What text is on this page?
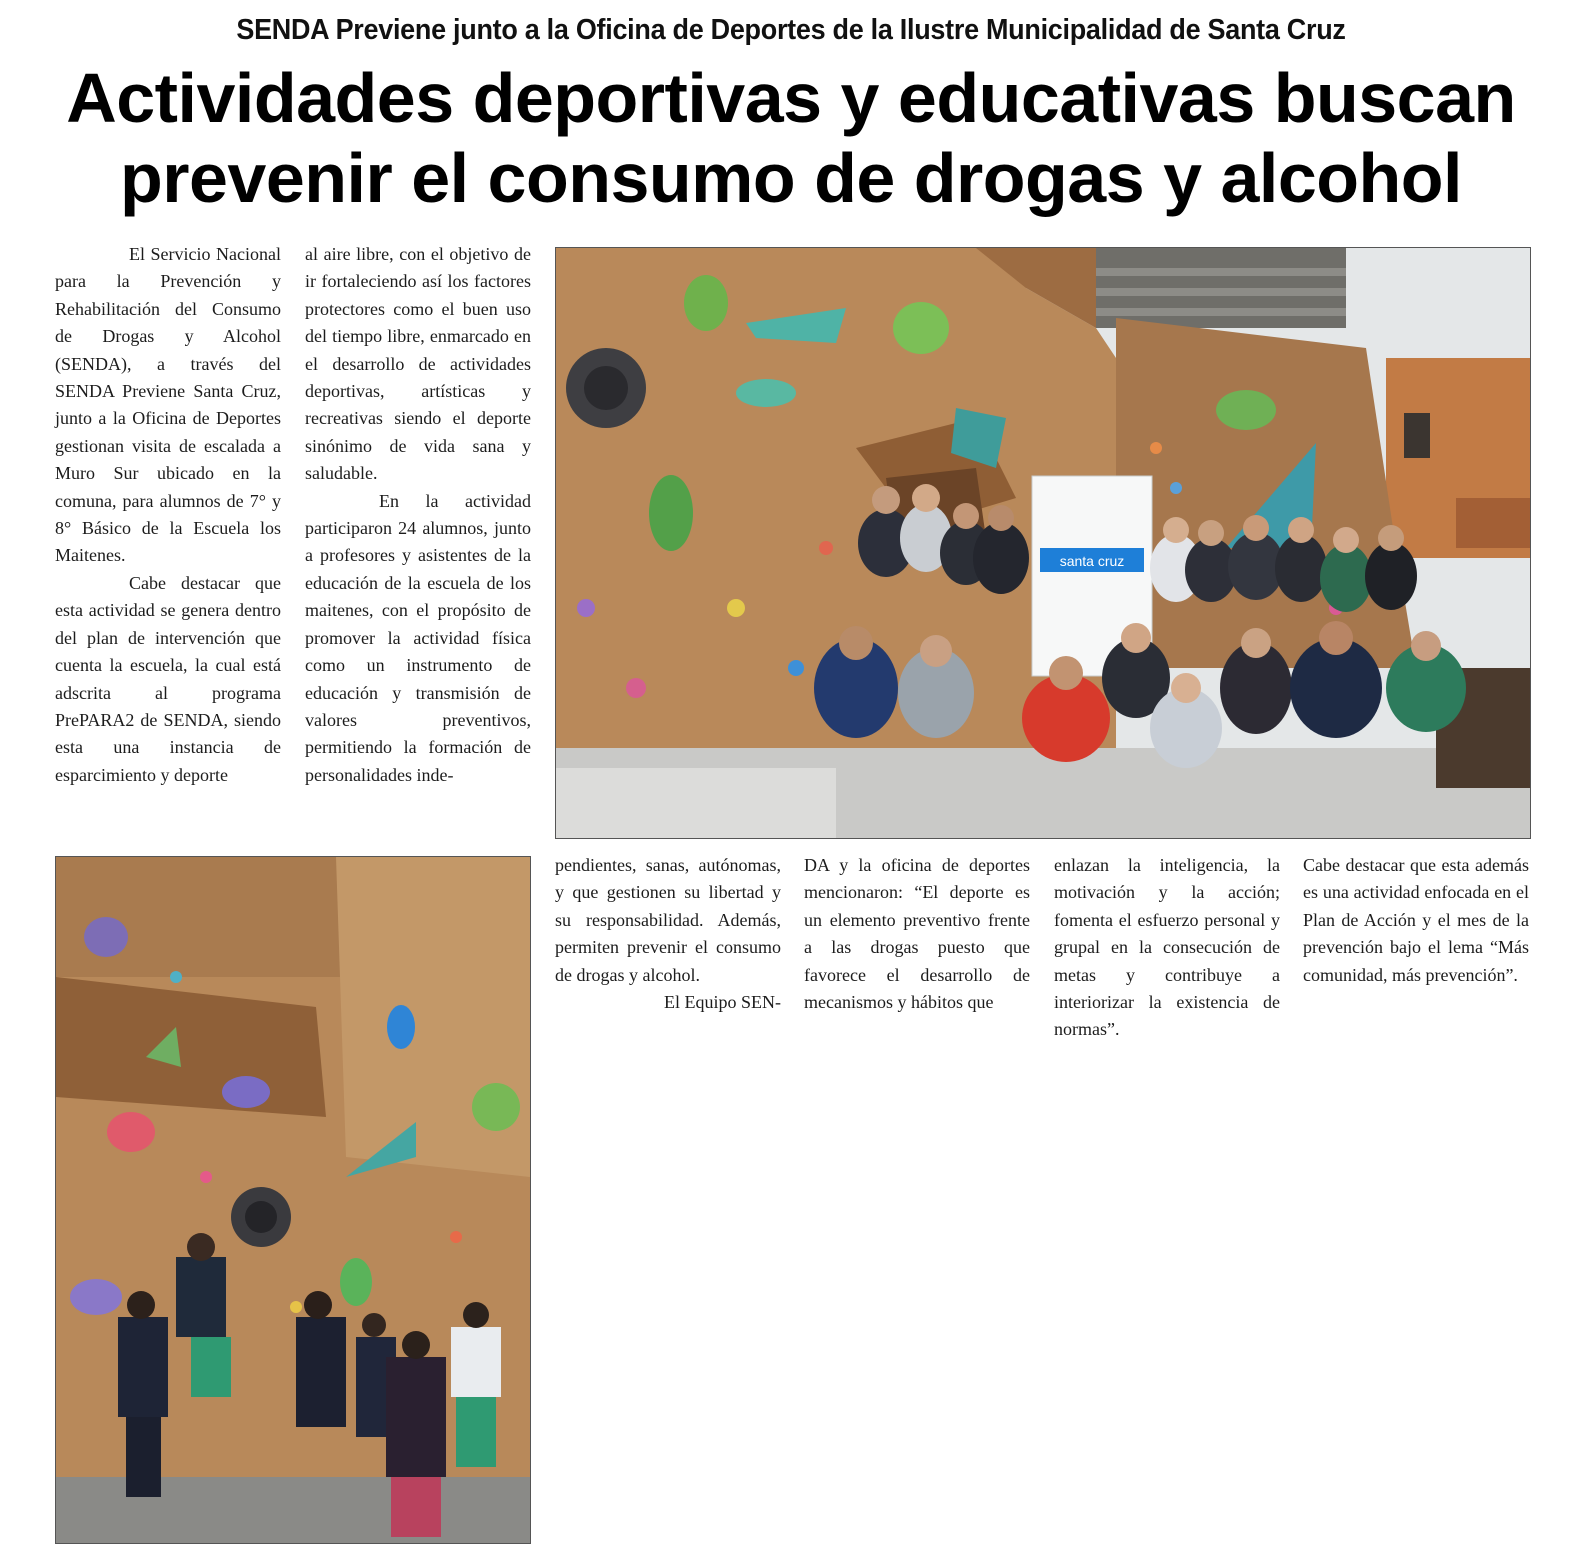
SENDA Previene junto a la Oficina de Deportes de la Ilustre Municipalidad de Santa Cruz
Actividades deportivas y educativas buscan prevenir el consumo de drogas y alcohol

El Servicio Nacional para la Prevención y Rehabilitación del Consumo de Drogas y Alcohol (SENDA), a través del SENDA Previene Santa Cruz, junto a la Oficina de Deportes gestionan visita de escalada a Muro Sur ubicado en la comuna, para alumnos de 7° y 8° Básico de la Escuela los Maitenes.

Cabe destacar que esta actividad se genera dentro del plan de intervención que cuenta la escuela, la cual está adscrita al programa PrePARA2 de SENDA, siendo esta una instancia de esparcimiento y deporte

al aire libre, con el objetivo de ir fortaleciendo así los factores protectores como el buen uso del tiempo libre, enmarcado en el desarrollo de actividades deportivas, artísticas y recreativas siendo el deporte sinónimo de vida sana y saludable.

En la actividad participaron 24 alumnos, junto a profesores y asistentes de la educación de la escuela de los maitenes, con el propósito de promover la actividad física como un instrumento de educación y transmisión de valores preventivos, permitiendo la formación de personalidades inde-

santa cruz

pendientes, sanas, autónomas, y que gestionen su libertad y su responsabilidad. Además, permiten prevenir el consumo de drogas y alcohol.

El Equipo SEN-

DA y la oficina de deportes mencionaron: “El deporte es un elemento preventivo frente a las drogas puesto que favorece el desarrollo de mecanismos y hábitos que

enlazan la inteligencia, la motivación y la acción; fomenta el esfuerzo personal y grupal en la consecución de metas y contribuye a interiorizar la existencia de normas”.

Cabe destacar que esta además es una actividad enfocada en el Plan de Acción y el mes de la prevención bajo el lema “Más comunidad, más prevención”.
